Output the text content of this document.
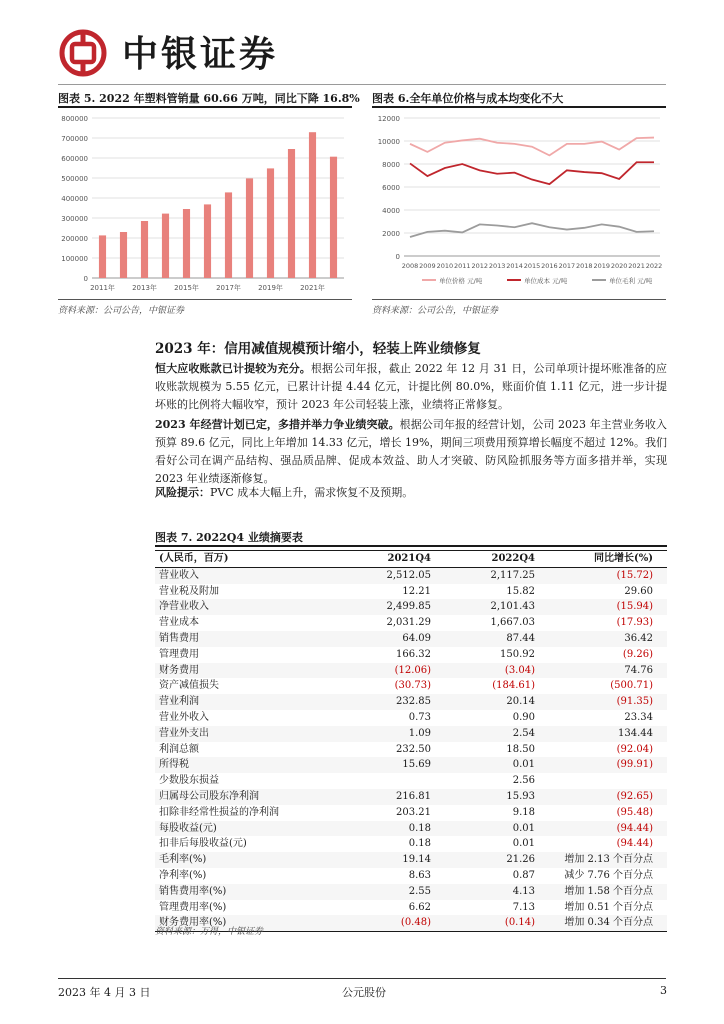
中银证券
图表 5. 2022 年塑料管销量 60.66 万吨，同比下降 16.8%
0
100000
200000
300000
400000
500000
600000
700000
800000
2011年 2013年 2015年 2017年 2019年 2021年
资料来源：公司公告，中银证券
图表 6.全年单位价格与成本均变化不大
0
2000
4000
6000
8000
10000
12000
2008 2009 2010 2011 2012 2013 2014 2015 2016 2017 2018 2019 2020 2021 2022
单位价格 元/吨	单位成本 元/吨	单位毛利 元/吨
资料来源：公司公告，中银证券
2023 年：信用减值规模预计缩小，轻装上阵业绩修复
恒大应收账款已计提较为充分。根据公司年报，截止 2022 年 12 月 31 日，公司单项计提坏账准备的应收账款规模为 5.55 亿元，已累计计提 4.44 亿元，计提比例 80.0%，账面价值 1.11 亿元，进一步计提坏账的比例将大幅收窄，预计 2023 年公司轻装上涨，业绩将正常修复。
2023 年经营计划已定，多措并举力争业绩突破。根据公司年报的经营计划，公司 2023 年主营业务收入预算 89.6 亿元，同比上年增加 14.33 亿元，增长 19%，期间三项费用预算增长幅度不超过 12%。我们看好公司在调产品结构、强品质品牌、促成本效益、助人才突破、防风险抓服务等方面多措并举，实现 2023 年业绩逐渐修复。
风险提示：PVC 成本大幅上升，需求恢复不及预期。
图表 7. 2022Q4 业绩摘要表
(人民币，百万)	2021Q4	2022Q4	同比增长(%)
营业收入	2,512.05	2,117.25	(15.72)
营业税及附加	12.21	15.82	29.60
净营业收入	2,499.85	2,101.43	(15.94)
营业成本	2,031.29	1,667.03	(17.93)
销售费用	64.09	87.44	36.42
管理费用	166.32	150.92	(9.26)
财务费用	(12.06)	(3.04)	74.76
资产减值损失	(30.73)	(184.61)	(500.71)
营业利润	232.85	20.14	(91.35)
营业外收入	0.73	0.90	23.34
营业外支出	1.09	2.54	134.44
利润总额	232.50	18.50	(92.04)
所得税	15.69	0.01	(99.91)
少数股东损益		2.56	
归属母公司股东净利润	216.81	15.93	(92.65)
扣除非经常性损益的净利润	203.21	9.18	(95.48)
每股收益(元)	0.18	0.01	(94.44)
扣非后每股收益(元)	0.18	0.01	(94.44)
毛利率(%)	19.14	21.26	增加 2.13 个百分点
净利率(%)	8.63	0.87	减少 7.76 个百分点
销售费用率(%)	2.55	4.13	增加 1.58 个百分点
管理费用率(%)	6.62	7.13	增加 0.51 个百分点
财务费用率(%)	(0.48)	(0.14)	增加 0.34 个百分点
资料来源：万得，中银证券
2023 年 4 月 3 日	公元股份	3
